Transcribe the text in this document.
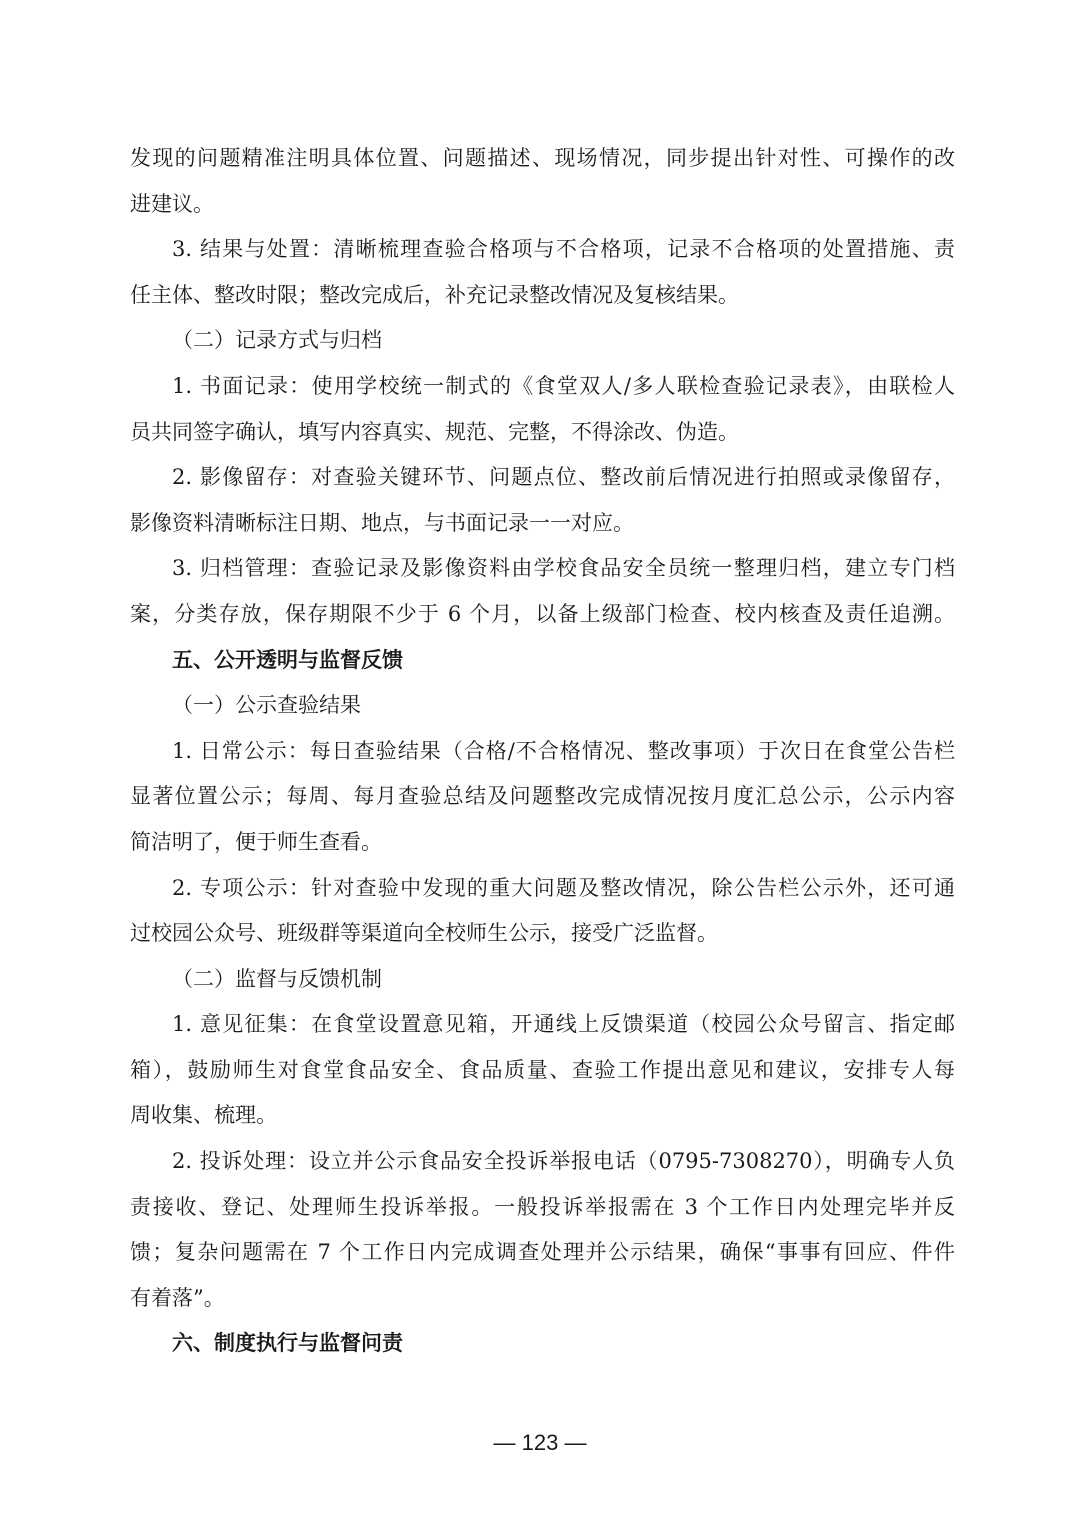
发现的问题精准注明具体位置、问题描述、现场情况，同步提出针对性、可操作的改
进建议。
3. 结果与处置：清晰梳理查验合格项与不合格项，记录不合格项的处置措施、责
任主体、整改时限；整改完成后，补充记录整改情况及复核结果。
（二）记录方式与归档
1. 书面记录：使用学校统一制式的《食堂双人/多人联检查验记录表》，由联检人
员共同签字确认，填写内容真实、规范、完整，不得涂改、伪造。
2. 影像留存：对查验关键环节、问题点位、整改前后情况进行拍照或录像留存，
影像资料清晰标注日期、地点，与书面记录一一对应。
3. 归档管理：查验记录及影像资料由学校食品安全员统一整理归档，建立专门档
案，分类存放，保存期限不少于 6 个月，以备上级部门检查、校内核查及责任追溯。
五、公开透明与监督反馈
（一）公示查验结果
1. 日常公示：每日查验结果（合格/不合格情况、整改事项）于次日在食堂公告栏
显著位置公示；每周、每月查验总结及问题整改完成情况按月度汇总公示，公示内容
简洁明了，便于师生查看。
2. 专项公示：针对查验中发现的重大问题及整改情况，除公告栏公示外，还可通
过校园公众号、班级群等渠道向全校师生公示，接受广泛监督。
（二）监督与反馈机制
1. 意见征集：在食堂设置意见箱，开通线上反馈渠道（校园公众号留言、指定邮
箱），鼓励师生对食堂食品安全、食品质量、查验工作提出意见和建议，安排专人每
周收集、梳理。
2. 投诉处理：设立并公示食品安全投诉举报电话（0795-7308270），明确专人负
责接收、登记、处理师生投诉举报。一般投诉举报需在 3 个工作日内处理完毕并反
馈；复杂问题需在 7 个工作日内完成调查处理并公示结果，确保“事事有回应、件件
有着落”。
六、制度执行与监督问责
— 123 —
